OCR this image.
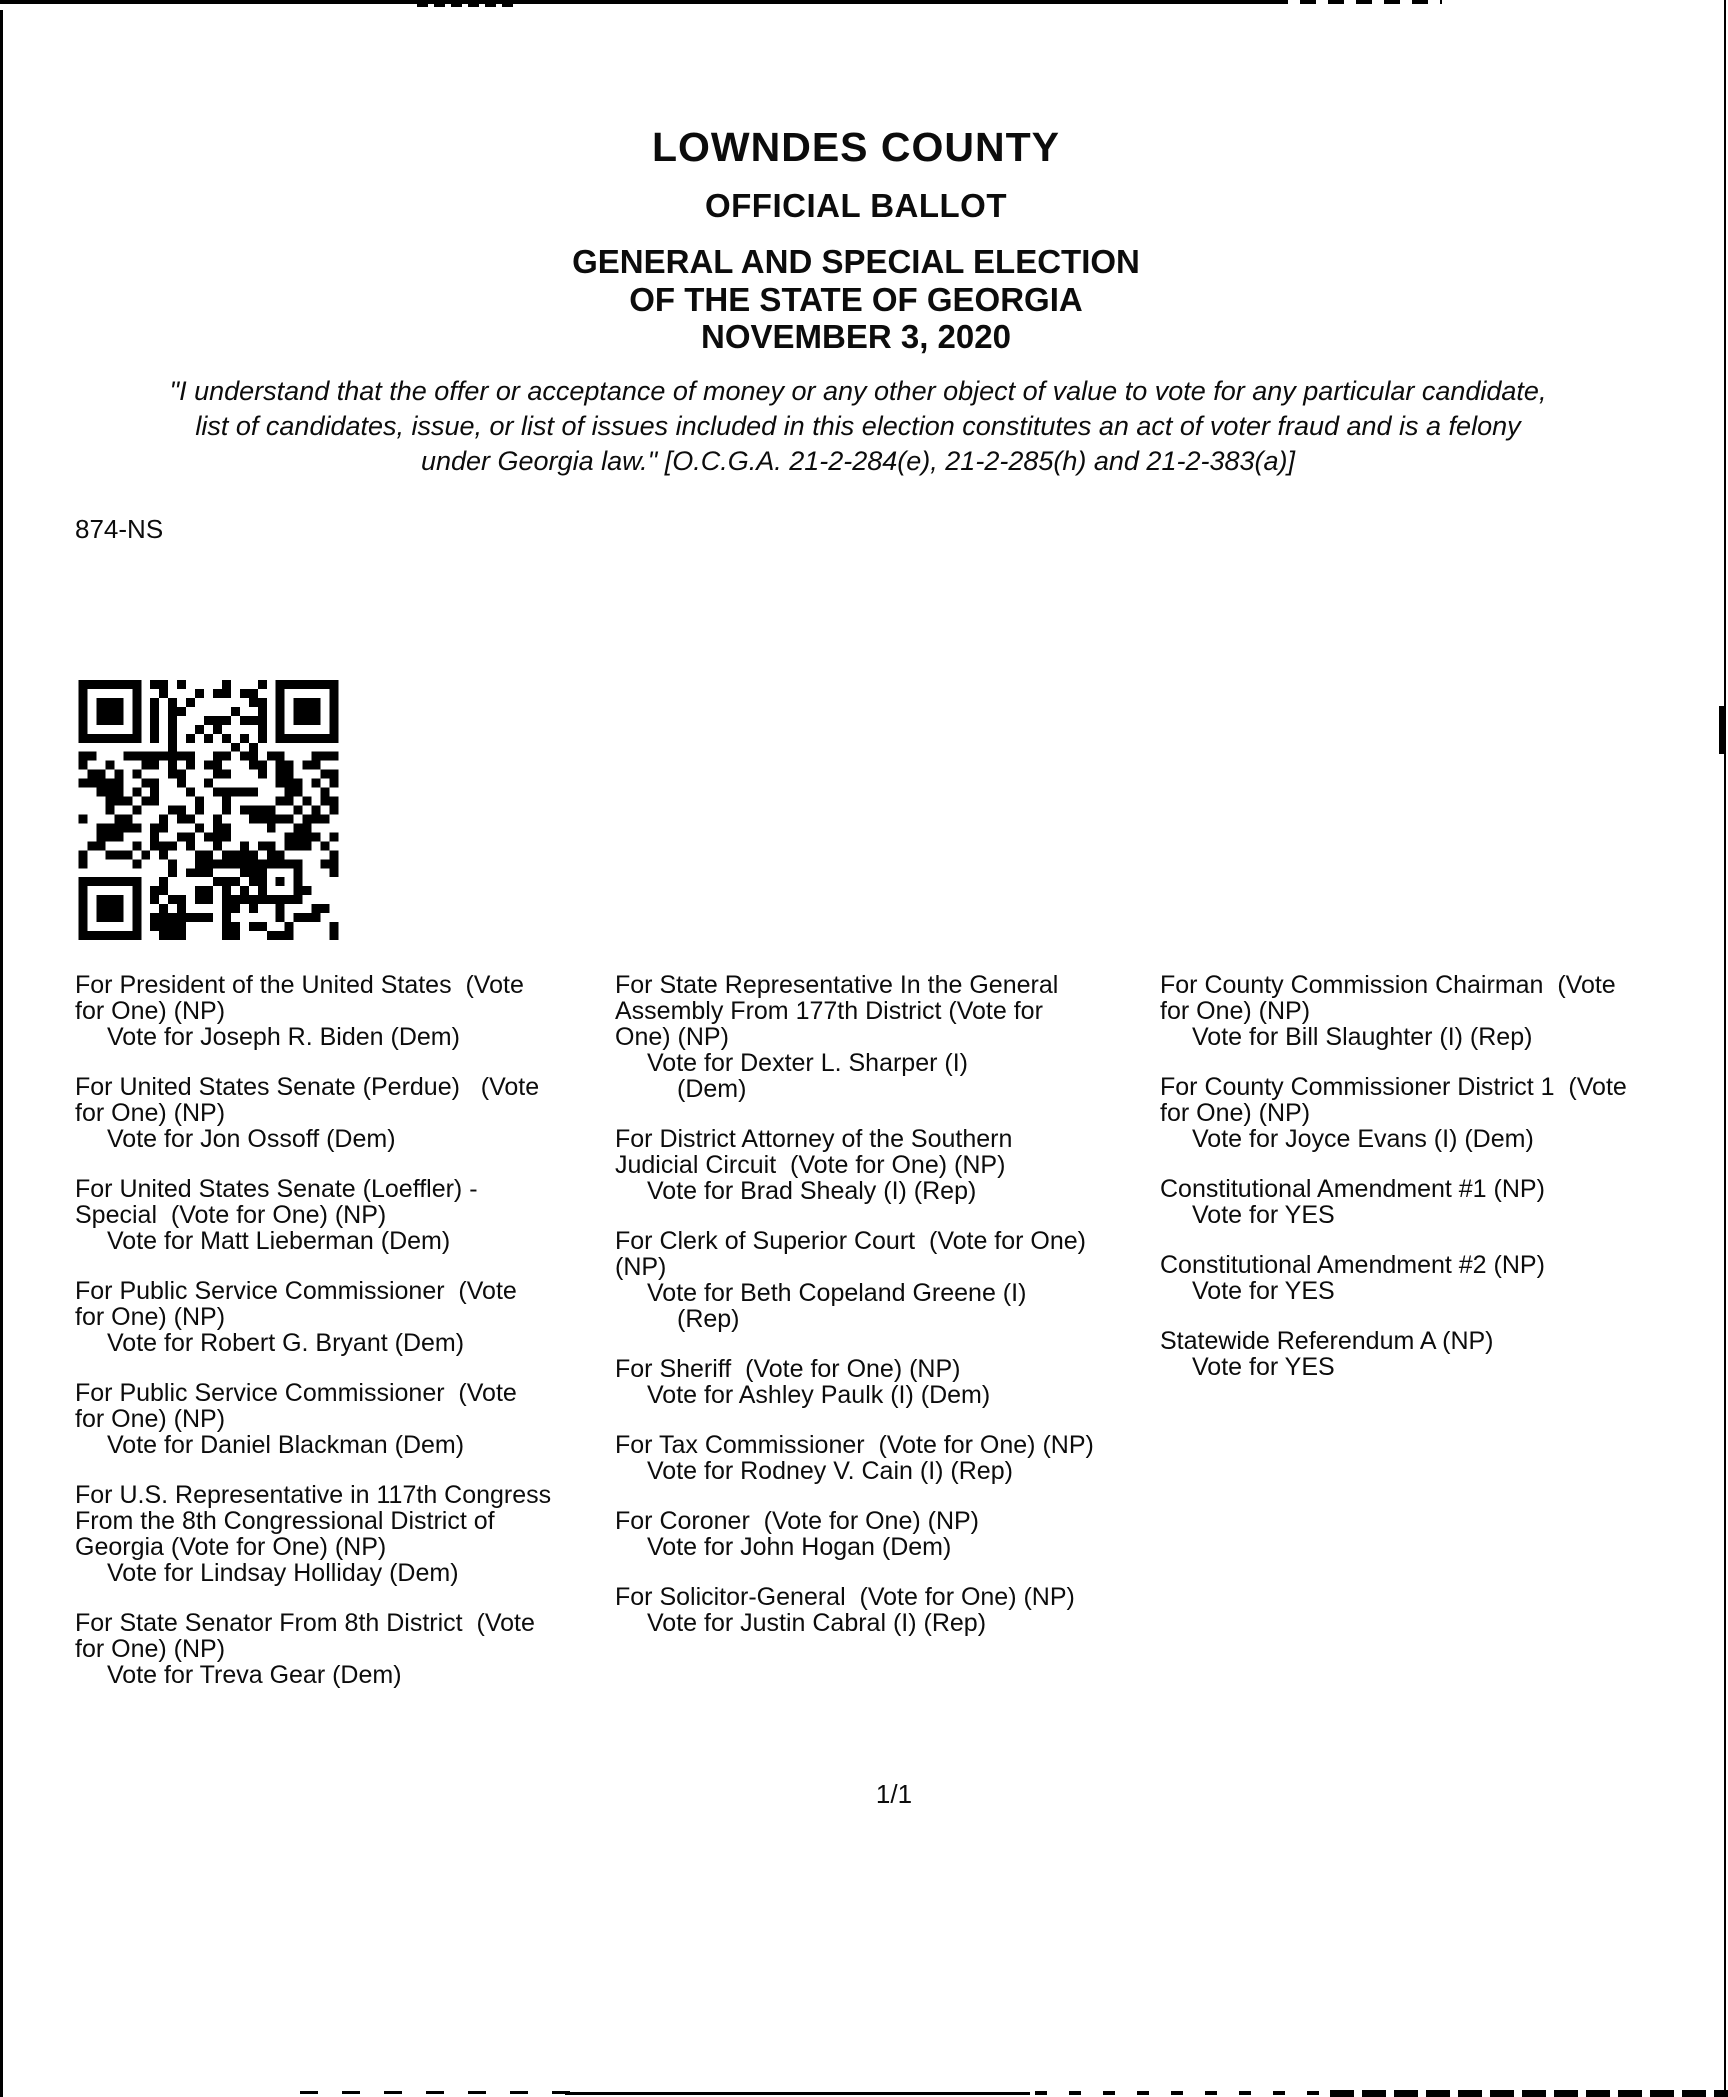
LOWNDES COUNTY
OFFICIAL BALLOT
GENERAL AND SPECIAL ELECTION
OF THE STATE OF GEORGIA
NOVEMBER 3, 2020
"I understand that the offer or acceptance of money or any other object of value to vote for any particular candidate,
list of candidates, issue, or list of issues included in this election constitutes an act of voter fraud and is a felony
under Georgia law." [O.C.G.A. 21-2-284(e), 21-2-285(h) and 21-2-383(a)]
874-NS
For President of the United States  (Vote
for One) (NP)
Vote for Joseph R. Biden (Dem)
For United States Senate (Perdue)   (Vote
for One) (NP)
Vote for Jon Ossoff (Dem)
For United States Senate (Loeffler) -
Special  (Vote for One) (NP)
Vote for Matt Lieberman (Dem)
For Public Service Commissioner  (Vote
for One) (NP)
Vote for Robert G. Bryant (Dem)
For Public Service Commissioner  (Vote
for One) (NP)
Vote for Daniel Blackman (Dem)
For U.S. Representative in 117th Congress
From the 8th Congressional District of
Georgia (Vote for One) (NP)
Vote for Lindsay Holliday (Dem)
For State Senator From 8th District  (Vote
for One) (NP)
Vote for Treva Gear (Dem)
For State Representative In the General
Assembly From 177th District (Vote for
One) (NP)
Vote for Dexter L. Sharper (I)
(Dem)
For District Attorney of the Southern
Judicial Circuit  (Vote for One) (NP)
Vote for Brad Shealy (I) (Rep)
For Clerk of Superior Court  (Vote for One)
(NP)
Vote for Beth Copeland Greene (I)
(Rep)
For Sheriff  (Vote for One) (NP)
Vote for Ashley Paulk (I) (Dem)
For Tax Commissioner  (Vote for One) (NP)
Vote for Rodney V. Cain (I) (Rep)
For Coroner  (Vote for One) (NP)
Vote for John Hogan (Dem)
For Solicitor-General  (Vote for One) (NP)
Vote for Justin Cabral (I) (Rep)
For County Commission Chairman  (Vote
for One) (NP)
Vote for Bill Slaughter (I) (Rep)
For County Commissioner District 1  (Vote
for One) (NP)
Vote for Joyce Evans (I) (Dem)
Constitutional Amendment #1 (NP)
Vote for YES
Constitutional Amendment #2 (NP)
Vote for YES
Statewide Referendum A (NP)
Vote for YES
1/1
